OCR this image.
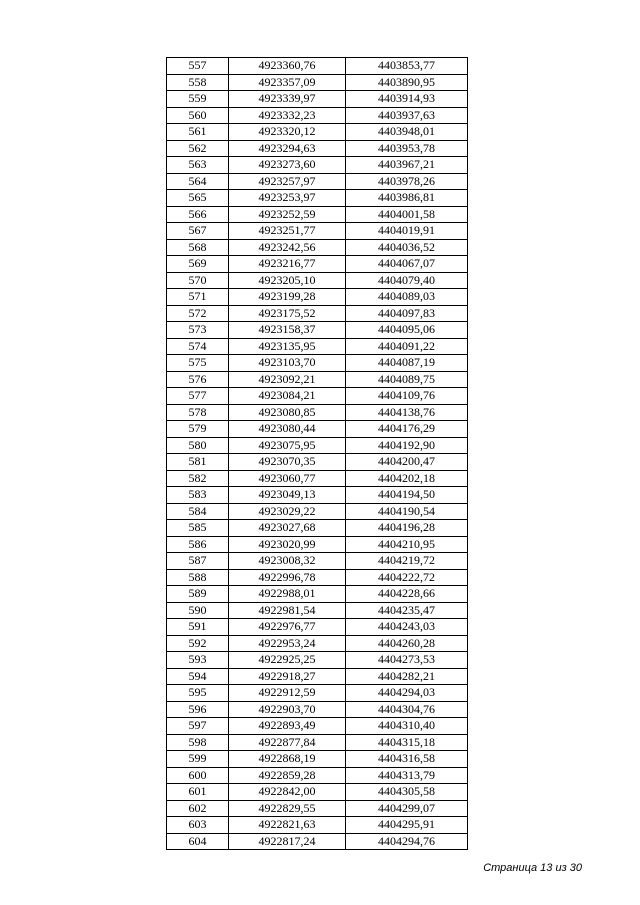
557	4923360,76	4403853,77
558	4923357,09	4403890,95
559	4923339,97	4403914,93
560	4923332,23	4403937,63
561	4923320,12	4403948,01
562	4923294,63	4403953,78
563	4923273,60	4403967,21
564	4923257,97	4403978,26
565	4923253,97	4403986,81
566	4923252,59	4404001,58
567	4923251,77	4404019,91
568	4923242,56	4404036,52
569	4923216,77	4404067,07
570	4923205,10	4404079,40
571	4923199,28	4404089,03
572	4923175,52	4404097,83
573	4923158,37	4404095,06
574	4923135,95	4404091,22
575	4923103,70	4404087,19
576	4923092,21	4404089,75
577	4923084,21	4404109,76
578	4923080,85	4404138,76
579	4923080,44	4404176,29
580	4923075,95	4404192,90
581	4923070,35	4404200,47
582	4923060,77	4404202,18
583	4923049,13	4404194,50
584	4923029,22	4404190,54
585	4923027,68	4404196,28
586	4923020,99	4404210,95
587	4923008,32	4404219,72
588	4922996,78	4404222,72
589	4922988,01	4404228,66
590	4922981,54	4404235,47
591	4922976,77	4404243,03
592	4922953,24	4404260,28
593	4922925,25	4404273,53
594	4922918,27	4404282,21
595	4922912,59	4404294,03
596	4922903,70	4404304,76
597	4922893,49	4404310,40
598	4922877,84	4404315,18
599	4922868,19	4404316,58
600	4922859,28	4404313,79
601	4922842,00	4404305,58
602	4922829,55	4404299,07
603	4922821,63	4404295,91
604	4922817,24	4404294,76
Страница 13 из 30
